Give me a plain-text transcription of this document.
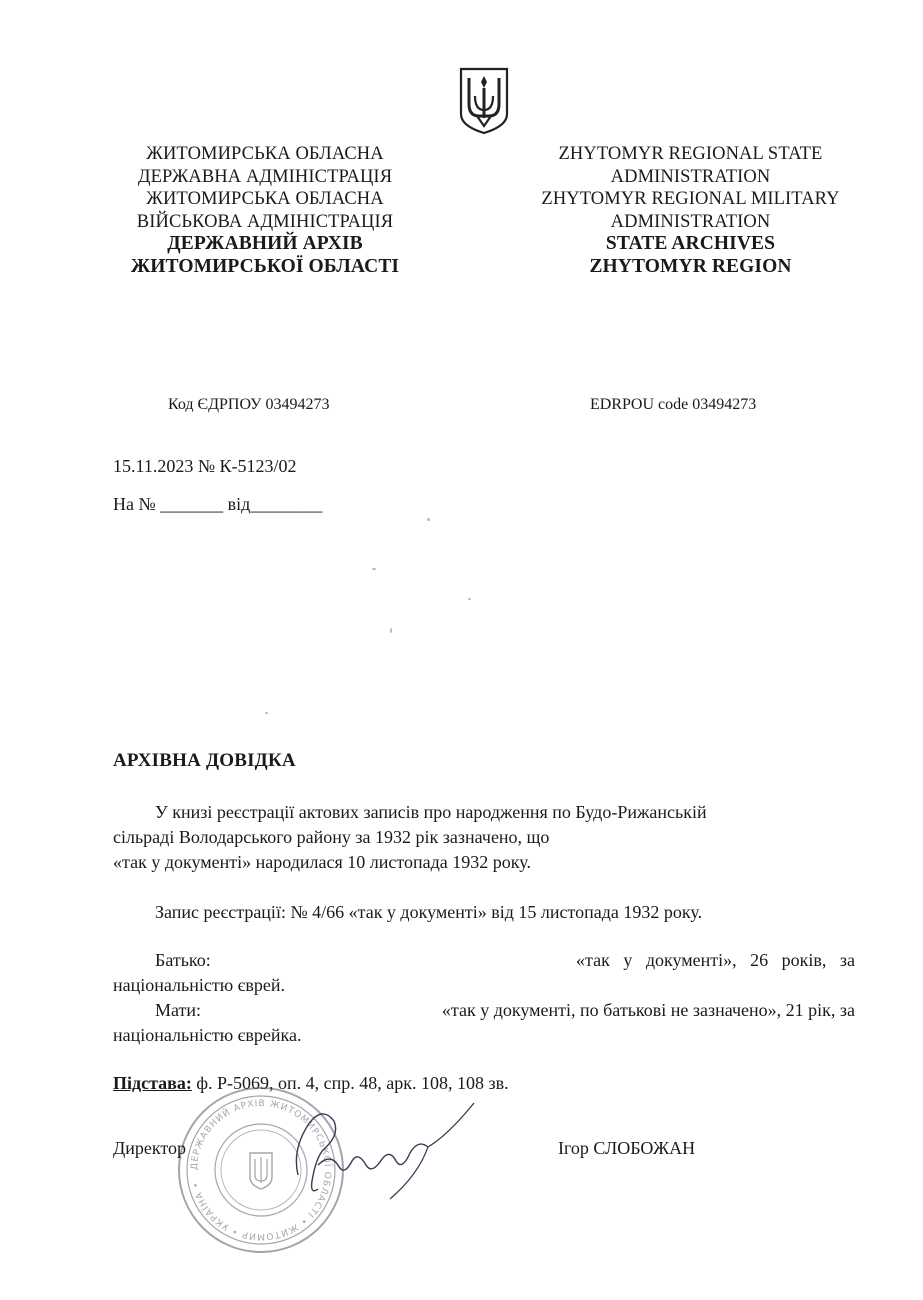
ЖИТОМИРСЬКА ОБЛАСНА
ДЕРЖАВНА АДМІНІСТРАЦІЯ
ЖИТОМИРСЬКА ОБЛАСНА
ВІЙСЬКОВА АДМІНІСТРАЦІЯ
ДЕРЖАВНИЙ АРХІВ
ЖИТОМИРСЬКОЇ ОБЛАСТІ
ZHYTOMYR REGIONAL STATE
ADMINISTRATION
ZHYTOMYR REGIONAL MILITARY
ADMINISTRATION
STATE ARCHIVES
ZHYTOMYR REGION
Код ЄДРПОУ 03494273	EDRPOU code 03494273
15.11.2023 № К-5123/02
На № _______ від________
АРХІВНА ДОВІДКА
У книзі реєстрації актових записів про народження по Будо-Рижанській
сільраді Володарського району за 1932 рік зазначено, що
«так у документі» народилася 10 листопада 1932 року.
Запис реєстрації: № 4/66 «так у документі» від 15 листопада 1932 року.
Батько:	«так у документі», 26 років, за
національністю єврей.
Мати:	«так у документі, по батькові не зазначено», 21 рік, за
національністю єврейка.
Підстава: ф. Р-5069, оп. 4, спр. 48, арк. 108, 108 зв.
ДЕРЖАВНИЙ АРХІВ ЖИТОМИРСЬКОЇ ОБЛАСТІ • ЖИТОМИР • УКРАЇНА •
Директор	Ігор СЛОБОЖАН
